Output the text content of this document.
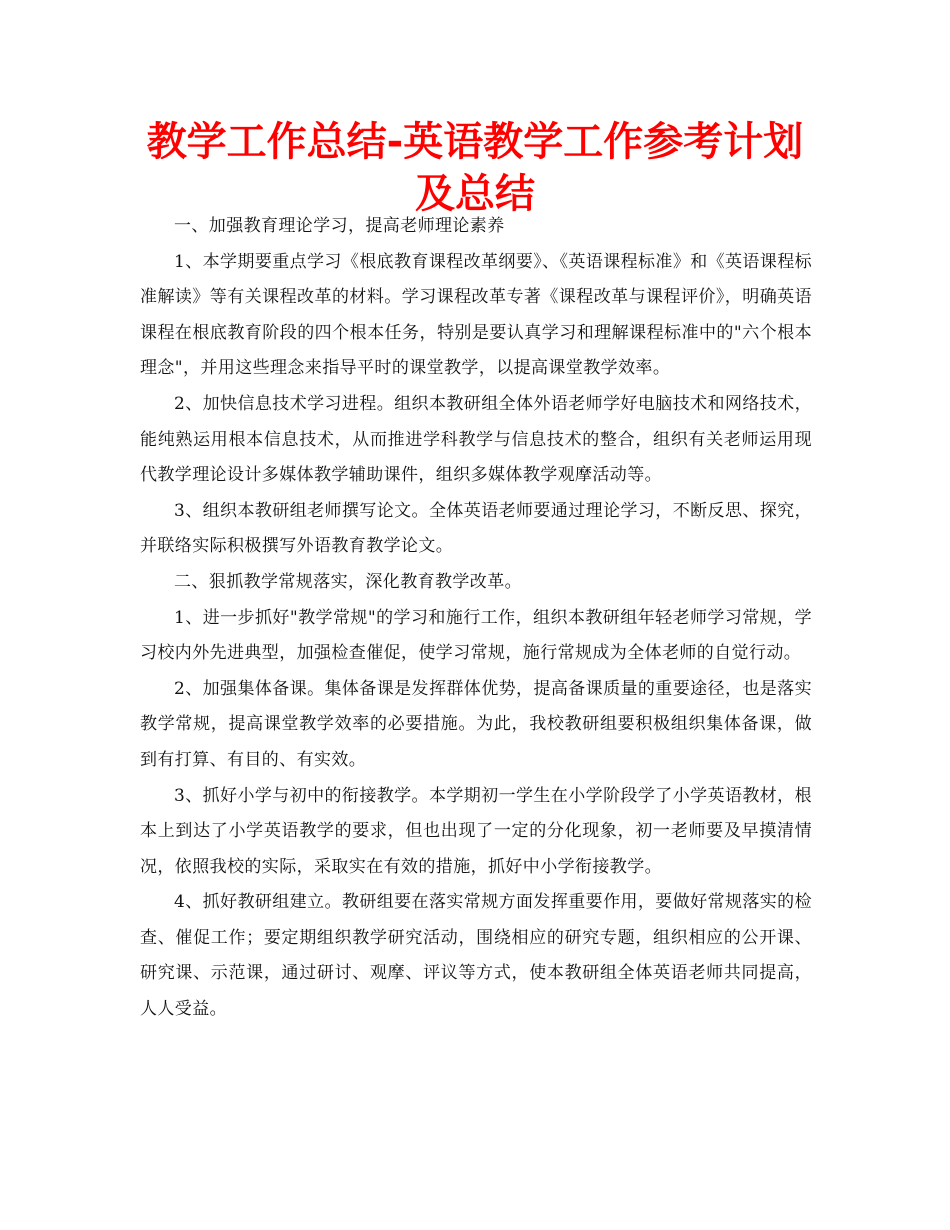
教学工作总结-英语教学工作参考计划及总结

一、加强教育理论学习，提高老师理论素养

1、本学期要重点学习《根底教育课程改革纲要》、《英语课程标准》和《英语课程标准解读》等有关课程改革的材料。学习课程改革专著《课程改革与课程评价》，明确英语课程在根底教育阶段的四个根本任务，特别是要认真学习和理解课程标准中的"六个根本理念"，并用这些理念来指导平时的课堂教学，以提高课堂教学效率。

2、加快信息技术学习进程。组织本教研组全体外语老师学好电脑技术和网络技术，能纯熟运用根本信息技术，从而推进学科教学与信息技术的整合，组织有关老师运用现代教学理论设计多媒体教学辅助课件，组织多媒体教学观摩活动等。

3、组织本教研组老师撰写论文。全体英语老师要通过理论学习，不断反思、探究，并联络实际积极撰写外语教育教学论文。

二、狠抓教学常规落实，深化教育教学改革。

1、进一步抓好"教学常规"的学习和施行工作，组织本教研组年轻老师学习常规，学习校内外先进典型，加强检查催促，使学习常规，施行常规成为全体老师的自觉行动。

2、加强集体备课。集体备课是发挥群体优势，提高备课质量的重要途径，也是落实教学常规，提高课堂教学效率的必要措施。为此，我校教研组要积极组织集体备课，做到有打算、有目的、有实效。

3、抓好小学与初中的衔接教学。本学期初一学生在小学阶段学了小学英语教材，根本上到达了小学英语教学的要求，但也出现了一定的分化现象，初一老师要及早摸清情况，依照我校的实际，采取实在有效的措施，抓好中小学衔接教学。

4、抓好教研组建立。教研组要在落实常规方面发挥重要作用，要做好常规落实的检查、催促工作；要定期组织教学研究活动，围绕相应的研究专题，组织相应的公开课、研究课、示范课，通过研讨、观摩、评议等方式，使本教研组全体英语老师共同提高，人人受益。
